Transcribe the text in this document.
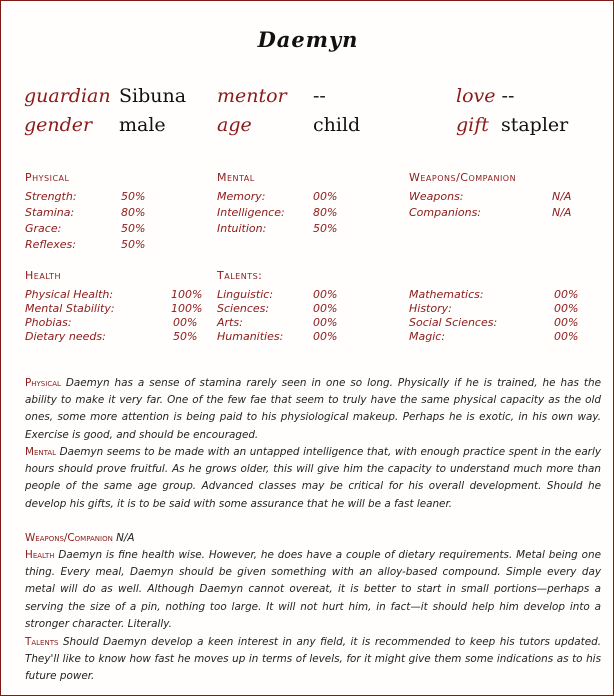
Daemyn
guardian Sibuna mentor --	love --
gender male	age	child	gift stapler
Physical
Strength:	50%
Stamina:	80%
Grace:	50%
Reflexes:	50%
Mental
Memory:	00%
Intelligence:	80%
Intuition:	50%
Weapons/Companion
Weapons:	N/A
Companions:	N/A
Health
Physical Health:	100%
Mental Stability:	100%
Phobias:	00%
Dietary needs:	50%
Talents:
Linguistic:	00%
Sciences:	00%
Arts:	00%
Humanities:	00%
Mathematics:	00%
History:	00%
Social Sciences:	00%
Magic:	00%
Physical Daemyn has a sense of stamina rarely seen in one so long. Physically if he is trained, he has the ability to make it very far. One of the few fae that seem to truly have the same physical capacity as the old ones, some more attention is being paid to his physiological makeup. Perhaps he is exotic, in his own way. Exercise is good, and should be encouraged.
Mental Daemyn seems to be made with an untapped intelligence that, with enough practice spent in the early hours should prove fruitful. As he grows older, this will give him the capacity to understand much more than people of the same age group. Advanced classes may be critical for his overall development. Should he develop his gifts, it is to be said with some assurance that he will be a fast leaner.
Weapons/Companion N/A
Health Daemyn is fine health wise. However, he does have a couple of dietary requirements. Metal being one thing. Every meal, Daemyn should be given something with an alloy-based compound. Simple every day metal will do as well. Although Daemyn cannot overeat, it is better to start in small portions—perhaps a serving the size of a pin, nothing too large. It will not hurt him, in fact—it should help him develop into a stronger character. Literally.
Talents Should Daemyn develop a keen interest in any field, it is recommended to keep his tutors updated. They'll like to know how fast he moves up in terms of levels, for it might give them some indications as to his future power.
